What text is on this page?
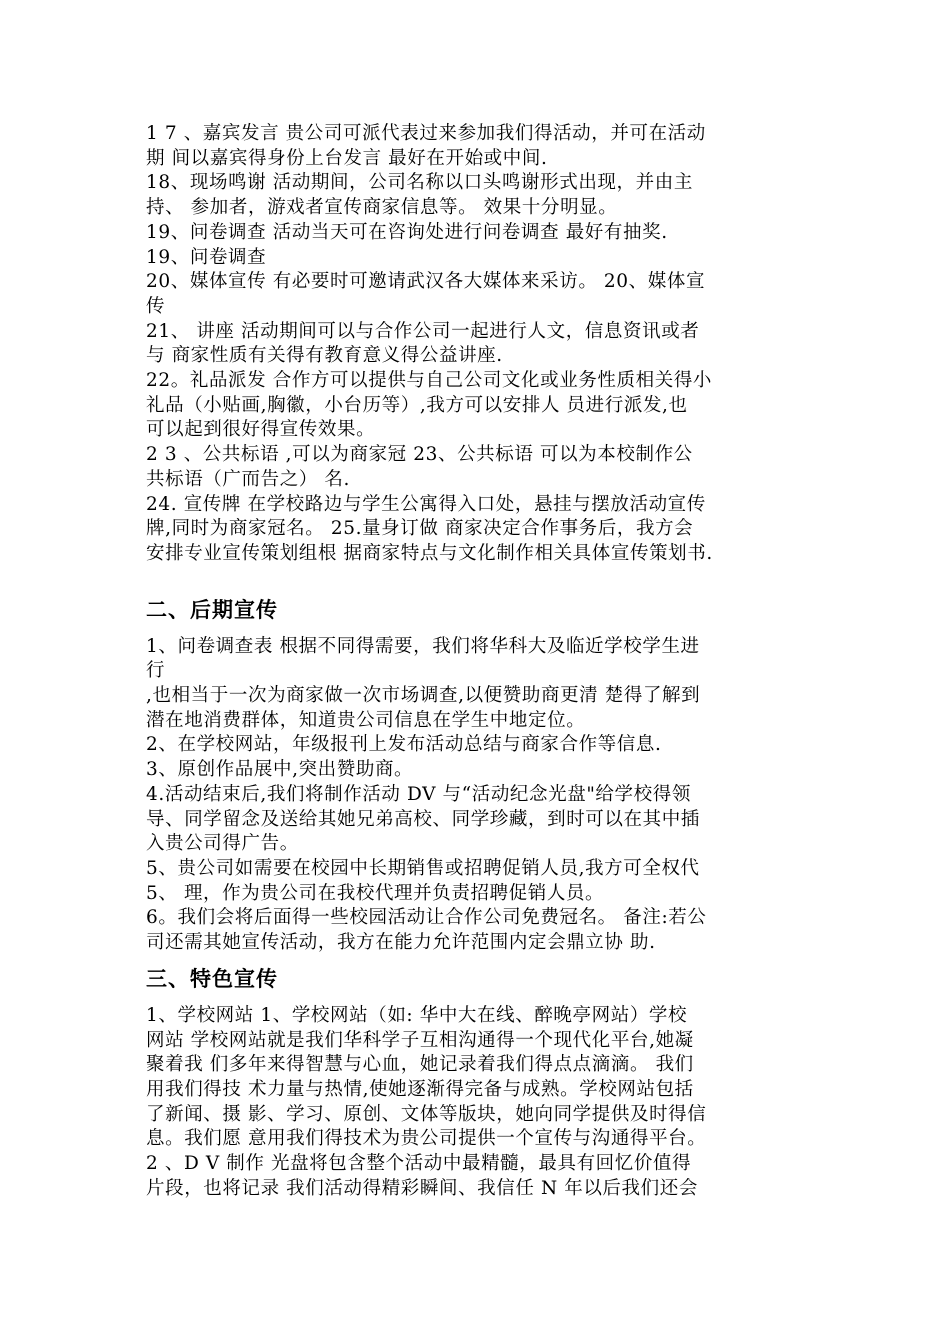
1 7 、嘉宾发言 贵公司可派代表过来参加我们得活动，并可在活动

期 间以嘉宾得身份上台发言 最好在开始或中间.

18、现场鸣谢 活动期间，公司名称以口头鸣谢形式出现，并由主

持、 参加者，游戏者宣传商家信息等。 效果十分明显。

19、问卷调查 活动当天可在咨询处进行问卷调查 最好有抽奖.

19、问卷调查

20、媒体宣传 有必要时可邀请武汉各大媒体来采访。 20、媒体宣

传

21、 讲座 活动期间可以与合作公司一起进行人文，信息资讯或者

与 商家性质有关得有教育意义得公益讲座.

22。礼品派发 合作方可以提供与自己公司文化或业务性质相关得小

礼品（小贴画,胸徽，小台历等）,我方可以安排人 员进行派发,也

可以起到很好得宣传效果。

2 3 、公共标语 ,可以为商家冠 23、公共标语 可以为本校制作公

共标语（广而告之） 名.

24. 宣传牌 在学校路边与学生公寓得入口处，悬挂与摆放活动宣传

牌,同时为商家冠名。 25.量身订做 商家决定合作事务后，我方会

安排专业宣传策划组根 据商家特点与文化制作相关具体宣传策划书.

二、后期宣传

1、问卷调查表 根据不同得需要，我们将华科大及临近学校学生进

行

,也相当于一次为商家做一次市场调查,以便赞助商更清 楚得了解到

潜在地消费群体，知道贵公司信息在学生中地定位。

2、在学校网站，年级报刊上发布活动总结与商家合作等信息.

3、原创作品展中,突出赞助商。

4.活动结束后,我们将制作活动 DV 与“活动纪念光盘"给学校得领

导、同学留念及送给其她兄弟高校、同学珍藏，到时可以在其中插

入贵公司得广告。

5、贵公司如需要在校园中长期销售或招聘促销人员,我方可全权代

5、 理，作为贵公司在我校代理并负责招聘促销人员。

6。我们会将后面得一些校园活动让合作公司免费冠名。 备注:若公

司还需其她宣传活动，我方在能力允许范围内定会鼎立协 助.

三、特色宣传

1、学校网站 1、学校网站（如: 华中大在线、醉晚亭网站）学校

网站 学校网站就是我们华科学子互相沟通得一个现代化平台,她凝

聚着我 们多年来得智慧与心血，她记录着我们得点点滴滴。 我们

用我们得技 术力量与热情,使她逐渐得完备与成熟。学校网站包括

了新闻、摄 影、学习、原创、文体等版块，她向同学提供及时得信

息。我们愿 意用我们得技术为贵公司提供一个宣传与沟通得平台。

2 、D V 制作 光盘将包含整个活动中最精髓，最具有回忆价值得

片段，也将记录 我们活动得精彩瞬间、我信任 N 年以后我们还会
